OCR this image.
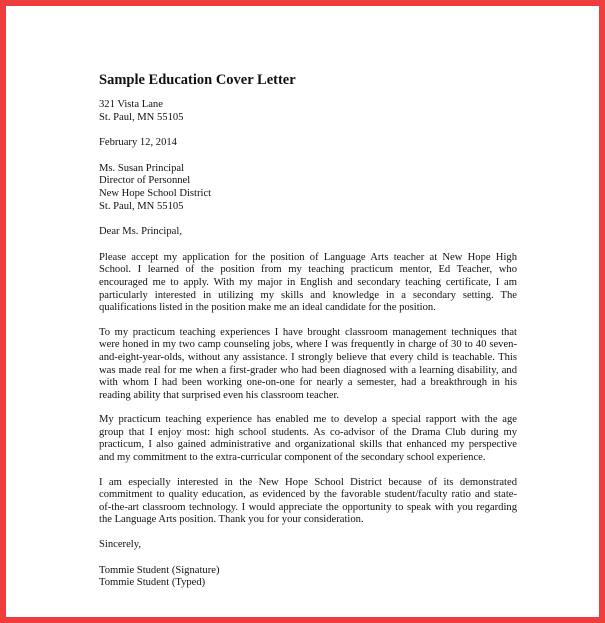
Sample Education Cover Letter
321 Vista Lane
St. Paul, MN 55105
February 12, 2014
Ms. Susan Principal
Director of Personnel
New Hope School District
St. Paul, MN 55105
Dear Ms. Principal,
Please accept my application for the position of Language Arts teacher at New Hope High
School. I learned of the position from my teaching practicum mentor, Ed Teacher, who
encouraged me to apply. With my major in English and secondary teaching certificate, I am
particularly interested in utilizing my skills and knowledge in a secondary setting. The
qualifications listed in the position make me an ideal candidate for the position.
To my practicum teaching experiences I have brought classroom management techniques that
were honed in my two camp counseling jobs, where I was frequently in charge of 30 to 40 seven-
and-eight-year-olds, without any assistance. I strongly believe that every child is teachable. This
was made real for me when a first-grader who had been diagnosed with a learning disability, and
with whom I had been working one-on-one for nearly a semester, had a breakthrough in his
reading ability that surprised even his classroom teacher.
My practicum teaching experience has enabled me to develop a special rapport with the age
group that I enjoy most: high school students. As co-advisor of the Drama Club during my
practicum, I also gained administrative and organizational skills that enhanced my perspective
and my commitment to the extra-curricular component of the secondary school experience.
I am especially interested in the New Hope School District because of its demonstrated
commitment to quality education, as evidenced by the favorable student/faculty ratio and state-
of-the-art classroom technology. I would appreciate the opportunity to speak with you regarding
the Language Arts position. Thank you for your consideration.
Sincerely,
Tommie Student (Signature)
Tommie Student (Typed)
